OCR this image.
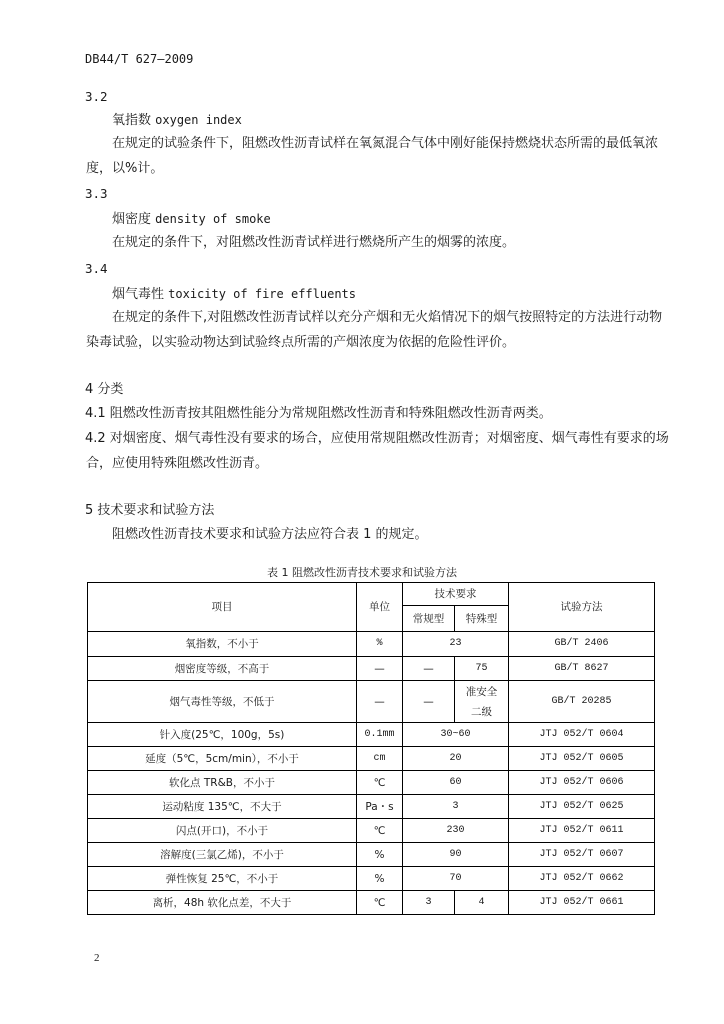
DB44/T 627—2009
3.2
氧指数 oxygen index
在规定的试验条件下，阻燃改性沥青试样在氧氮混合气体中刚好能保持燃烧状态所需的最低氧浓
度，以%计。
3.3
烟密度 density of smoke
在规定的条件下，对阻燃改性沥青试样进行燃烧所产生的烟雾的浓度。
3.4
烟气毒性 toxicity of fire effluents
在规定的条件下,对阻燃改性沥青试样以充分产烟和无火焰情况下的烟气按照特定的方法进行动物
染毒试验，以实验动物达到试验终点所需的产烟浓度为依据的危险性评价。
4 分类
4.1 阻燃改性沥青按其阻燃性能分为常规阻燃改性沥青和特殊阻燃改性沥青两类。
4.2 对烟密度、烟气毒性没有要求的场合，应使用常规阻燃改性沥青；对烟密度、烟气毒性有要求的场
合，应使用特殊阻燃改性沥青。
5 技术要求和试验方法
阻燃改性沥青技术要求和试验方法应符合表 1 的规定。
表 1 阻燃改性沥青技术要求和试验方法
项目	单位	技术要求		试验方法
		常规型	特殊型	
氧指数，不小于	%	23		GB/T 2406
烟密度等级，不高于	—	—	75	GB/T 8627
烟气毒性等级，不低于	—	—	准安全
二级	GB/T 20285
针入度(25℃，100g，5s)	0.1mm	30~60		JTJ 052/T 0604
延度（5℃，5cm/min），不小于	cm	20		JTJ 052/T 0605
软化点 TR&B，不小于	℃	60		JTJ 052/T 0606
运动粘度 135℃，不大于	Pa・s	3		JTJ 052/T 0625
闪点(开口)，不小于	℃	230		JTJ 052/T 0611
溶解度(三氯乙烯)，不小于	%	90		JTJ 052/T 0607
弹性恢复 25℃，不小于	%	70		JTJ 052/T 0662
离析，48h 软化点差，不大于	℃	3	4	JTJ 052/T 0661
2
